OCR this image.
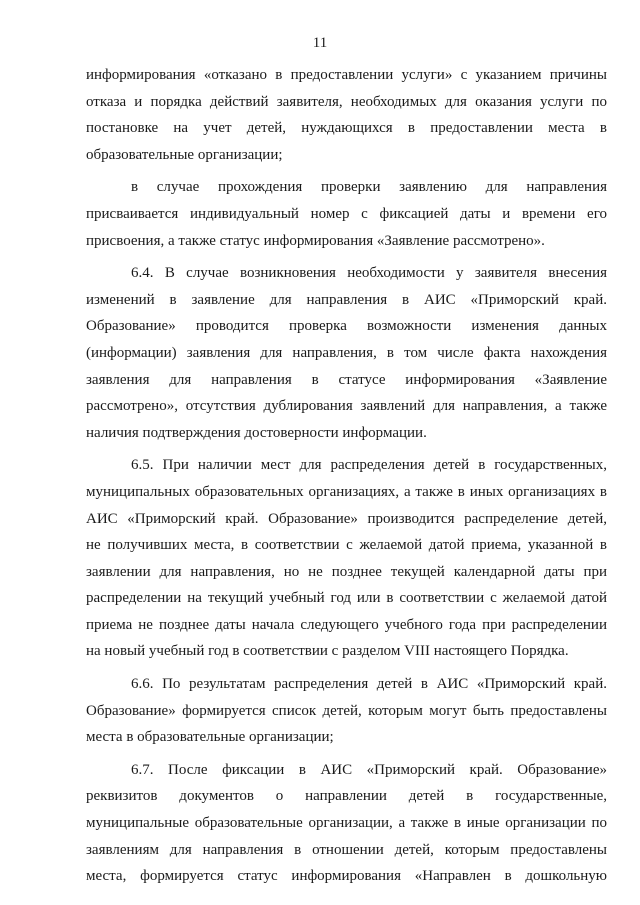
11
информирования «отказано в предоставлении услуги» с указанием причины
отказа и порядка действий заявителя, необходимых для оказания услуги по
постановке на учет детей, нуждающихся в предоставлении места в
образовательные организации;
в случае прохождения проверки заявлению для направления
присваивается индивидуальный номер с фиксацией даты и времени его
присвоения, а также статус информирования «Заявление рассмотрено».
6.4. В случае возникновения необходимости у заявителя внесения
изменений в заявление для направления в АИС «Приморский край.
Образование» проводится проверка возможности изменения данных
(информации) заявления для направления, в том числе факта нахождения
заявления для направления в статусе информирования «Заявление
рассмотрено», отсутствия дублирования заявлений для направления, а также
наличия подтверждения достоверности информации.
6.5. При наличии мест для распределения детей в государственных,
муниципальных образовательных организациях, а также в иных организациях в
АИС «Приморский край. Образование» производится распределение детей,
не получивших места, в соответствии с желаемой датой приема, указанной в
заявлении для направления, но не позднее текущей календарной даты при
распределении на текущий учебный год или в соответствии с желаемой датой
приема не позднее даты начала следующего учебного года при распределении
на новый учебный год в соответствии с разделом VIII настоящего Порядка.
6.6. По результатам распределения детей в АИС «Приморский край.
Образование» формируется список детей, которым могут быть предоставлены
места в образовательные организации;
6.7. После фиксации в АИС «Приморский край. Образование»
реквизитов документов о направлении детей в государственные,
муниципальные образовательные организации, а также в иные организации по
заявлениям для направления в отношении детей, которым предоставлены
места, формируется статус информирования «Направлен в дошкольную
